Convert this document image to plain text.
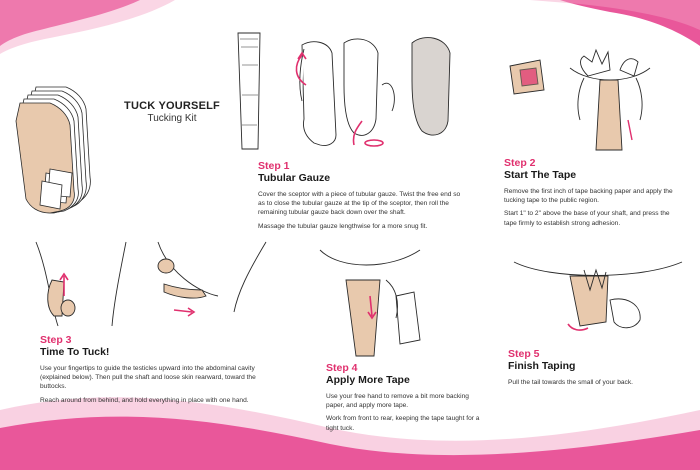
TUCK YOURSELF
Tucking Kit
Step 1
Tubular Gauze

Cover the sceptor with a piece of tubular gauze. Twist the free end so as to close the tubular gauze at the tip of the sceptor, then roll the remaining tubular gauze back down over the shaft.

Massage the tubular gauze lengthwise for a more snug fit.

Step 2
Start The Tape

Remove the first inch of tape backing paper and apply the tucking tape to the public region.

Start 1" to 2" above the base of your shaft, and press the tape firmly to establish strong adhesion.

Step 3
Time To Tuck!

Use your fingertips to guide the testicles upward into the abdominal cavity (explained below). Then pull the shaft and loose skin rearward, toward the buttocks.

Reach around from behind, and hold everything in place with one hand.

Step 4
Apply More Tape

Use your free hand to remove a bit more backing paper, and apply more tape.

Work from front to rear, keeping the tape taught for a tight tuck.

Step 5
Finish Taping

Pull the tail towards the small of your back.
